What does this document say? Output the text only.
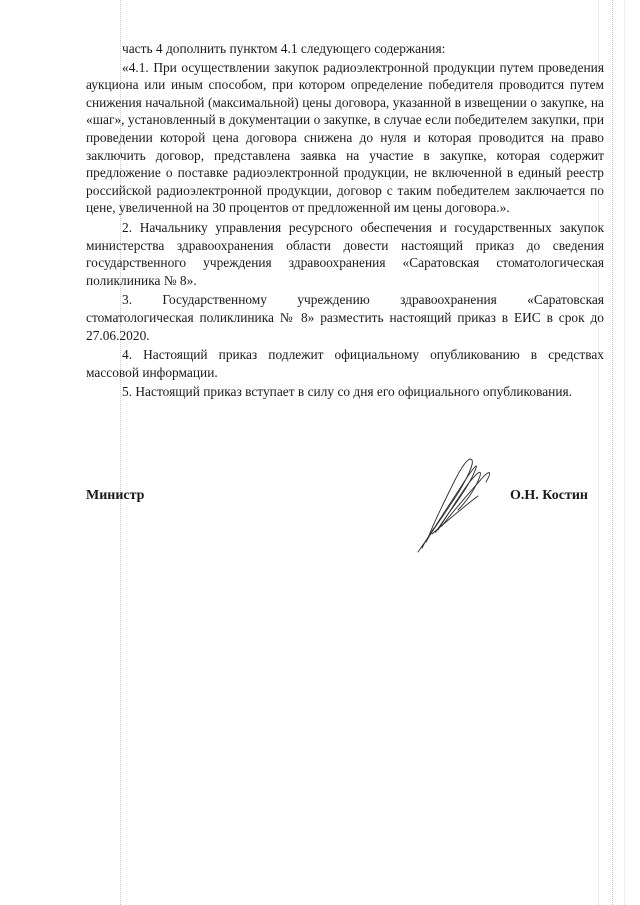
часть 4 дополнить пунктом 4.1 следующего содержания:

«4.1. При осуществлении закупок радиоэлектронной продукции путем проведения аукциона или иным способом, при котором определение победителя проводится путем снижения начальной (максимальной) цены договора, указанной в извещении о закупке, на «шаг», установленный в документации о закупке, в случае если победителем закупки, при проведении которой цена договора снижена до нуля и которая проводится на право заключить договор, представлена заявка на участие в закупке, которая содержит предложение о поставке радиоэлектронной продукции, не включенной в единый реестр российской радиоэлектронной продукции, договор с таким победителем заключается по цене, увеличенной на 30 процентов от предложенной им цены договора.».

2. Начальнику управления ресурсного обеспечения и государственных закупок министерства здравоохранения области довести настоящий приказ до сведения государственного учреждения здравоохранения «Саратовская стоматологическая поликлиника № 8».

3. Государственному учреждению здравоохранения «Саратовская стоматологическая поликлиника № 8» разместить настоящий приказ в ЕИС в срок до 27.06.2020.

4. Настоящий приказ подлежит официальному опубликованию в средствах массовой информации.

5. Настоящий приказ вступает в силу со дня его официального опубликования.

Министр	О.Н. Костин
